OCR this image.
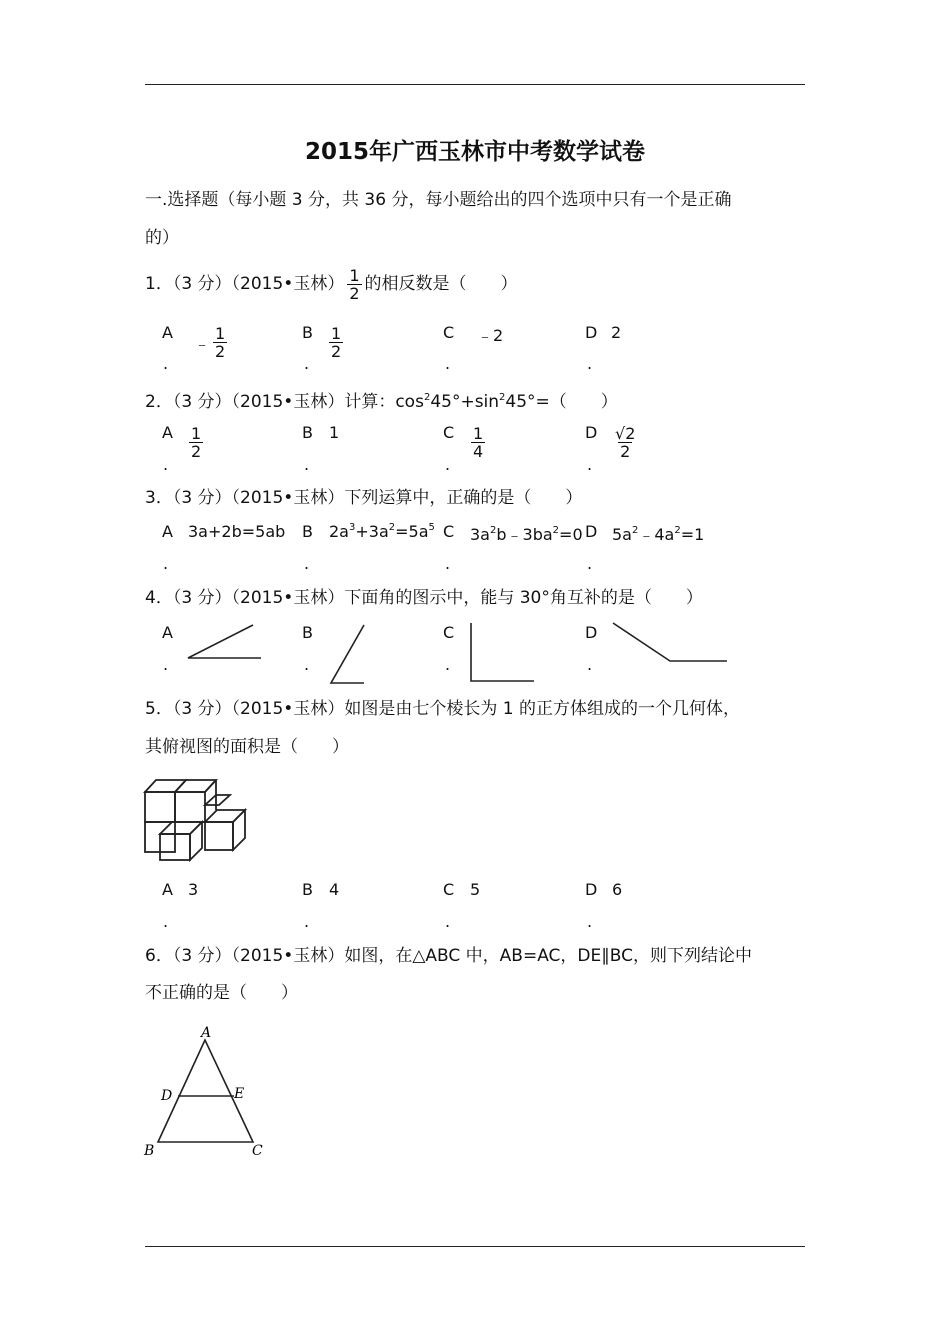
2015年广西玉林市中考数学试卷
一.选择题（每小题 3 分，共 36 分，每小题给出的四个选项中只有一个是正确
的）
1．（3 分）（2015•玉林） $\frac{1}{2}$ 的相反数是（　　）
A
.
﹣ $\frac{1}{2}$	B
.
$\frac{1}{2}$	C
.
﹣2	D
.
2
2．（3 分）（2015•玉林）计算：$\cos^245^\circ+\sin^245^\circ=$（　　）
A
.
$\frac{1}{2}$	B
.
1	C
.
$\frac{1}{4}$	D
.
$\frac{√2}{2}$
3．（3 分）（2015•玉林）下列运算中，正确的是（　　）
A
.
3a+2b=5ab B
.
$2a^3+3a^2=5a^5$ C
.
$3a^2b﹣3ba^2=0$ D
.
$5a^2﹣4a^2=1$
4．（3 分）（2015•玉林）下面角的图示中，能与 30°角互补的是（　　）
A
.
B
.
C
.
D
.
5．（3 分）（2015•玉林）如图是由七个棱长为 1 的正方体组成的一个几何体，
其俯视图的面积是（　　）
A
.
3	B
.
4	C
.
5	D
.
6
6．（3 分）（2015•玉林）如图，在△ABC 中，AB=AC，DE∥BC，则下列结论中
不正确的是（　　）
A
D	E
B	C
